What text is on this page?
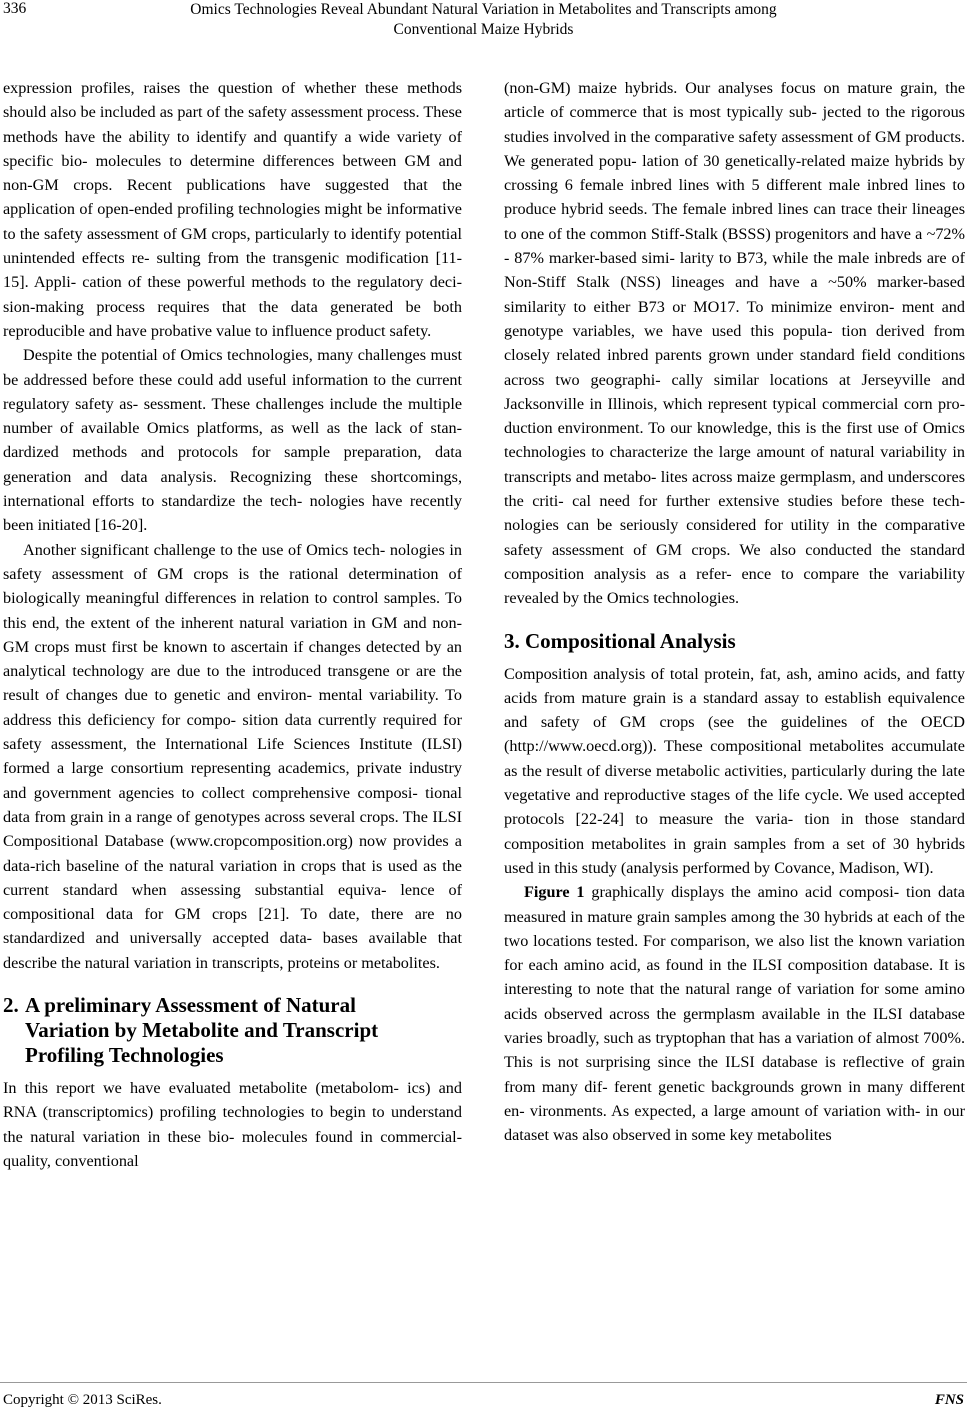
336	Omics Technologies Reveal Abundant Natural Variation in Metabolites and Transcripts among
Conventional Maize Hybrids

expression profiles, raises the question of whether these methods should also be included as part of the safety assessment process. These methods have the ability to identify and quantify a wide variety of specific bio- molecules to determine differences between GM and non-GM crops. Recent publications have suggested that the application of open-ended profiling technologies might be informative to the safety assessment of GM crops, particularly to identify potential unintended effects re- sulting from the transgenic modification [11-15]. Appli- cation of these powerful methods to the regulatory deci- sion-making process requires that the data generated be both reproducible and have probative value to influence product safety.

Despite the potential of Omics technologies, many challenges must be addressed before these could add useful information to the current regulatory safety as- sessment. These challenges include the multiple number of available Omics platforms, as well as the lack of stan- dardized methods and protocols for sample preparation, data generation and data analysis. Recognizing these shortcomings, international efforts to standardize the tech- nologies have recently been initiated [16-20].

Another significant challenge to the use of Omics tech- nologies in safety assessment of GM crops is the rational determination of biologically meaningful differences in relation to control samples. To this end, the extent of the inherent natural variation in GM and non-GM crops must first be known to ascertain if changes detected by an analytical technology are due to the introduced transgene or are the result of changes due to genetic and environ- mental variability. To address this deficiency for compo- sition data currently required for safety assessment, the International Life Sciences Institute (ILSI) formed a large consortium representing academics, private industry and government agencies to collect comprehensive composi- tional data from grain in a range of genotypes across several crops. The ILSI Compositional Database (www.cropcomposition.org) now provides a data-rich baseline of the natural variation in crops that is used as the current standard when assessing substantial equiva- lence of compositional data for GM crops [21]. To date, there are no standardized and universally accepted data- bases available that describe the natural variation in transcripts, proteins or metabolites.

2. A preliminary Assessment of Natural
Variation by Metabolite and Transcript
Profiling Technologies

In this report we have evaluated metabolite (metabolom- ics) and RNA (transcriptomics) profiling technologies to begin to understand the natural variation in these bio- molecules found in commercial-quality, conventional

(non-GM) maize hybrids. Our analyses focus on mature grain, the article of commerce that is most typically sub- jected to the rigorous studies involved in the comparative safety assessment of GM products. We generated popu- lation of 30 genetically-related maize hybrids by crossing 6 female inbred lines with 5 different male inbred lines to produce hybrid seeds. The female inbred lines can trace their lineages to one of the common Stiff-Stalk (BSSS) progenitors and have a ~72% - 87% marker-based simi- larity to B73, while the male inbreds are of Non-Stiff Stalk (NSS) lineages and have a ~50% marker-based similarity to either B73 or MO17. To minimize environ- ment and genotype variables, we have used this popula- tion derived from closely related inbred parents grown under standard field conditions across two geographi- cally similar locations at Jerseyville and Jacksonville in Illinois, which represent typical commercial corn pro- duction environment. To our knowledge, this is the first use of Omics technologies to characterize the large amount of natural variability in transcripts and metabo- lites across maize germplasm, and underscores the criti- cal need for further extensive studies before these tech- nologies can be seriously considered for utility in the comparative safety assessment of GM crops. We also conducted the standard composition analysis as a refer- ence to compare the variability revealed by the Omics technologies.

3. Compositional Analysis

Composition analysis of total protein, fat, ash, amino acids, and fatty acids from mature grain is a standard assay to establish equivalence and safety of GM crops (see the guidelines of the OECD (http://www.oecd.org)). These compositional metabolites accumulate as the result of diverse metabolic activities, particularly during the late vegetative and reproductive stages of the life cycle. We used accepted protocols [22-24] to measure the varia- tion in those standard composition metabolites in grain samples from a set of 30 hybrids used in this study (analysis performed by Covance, Madison, WI).

Figure 1 graphically displays the amino acid composi- tion data measured in mature grain samples among the 30 hybrids at each of the two locations tested. For comparison, we also list the known variation for each amino acid, as found in the ILSI composition database. It is interesting to note that the natural range of variation for some amino acids observed across the germplasm available in the ILSI database varies broadly, such as tryptophan that has a variation of almost 700%. This is not surprising since the ILSI database is reflective of grain from many dif- ferent genetic backgrounds grown in many different en- vironments. As expected, a large amount of variation with- in our dataset was also observed in some key metabolites

Copyright © 2013 SciRes.	FNS
